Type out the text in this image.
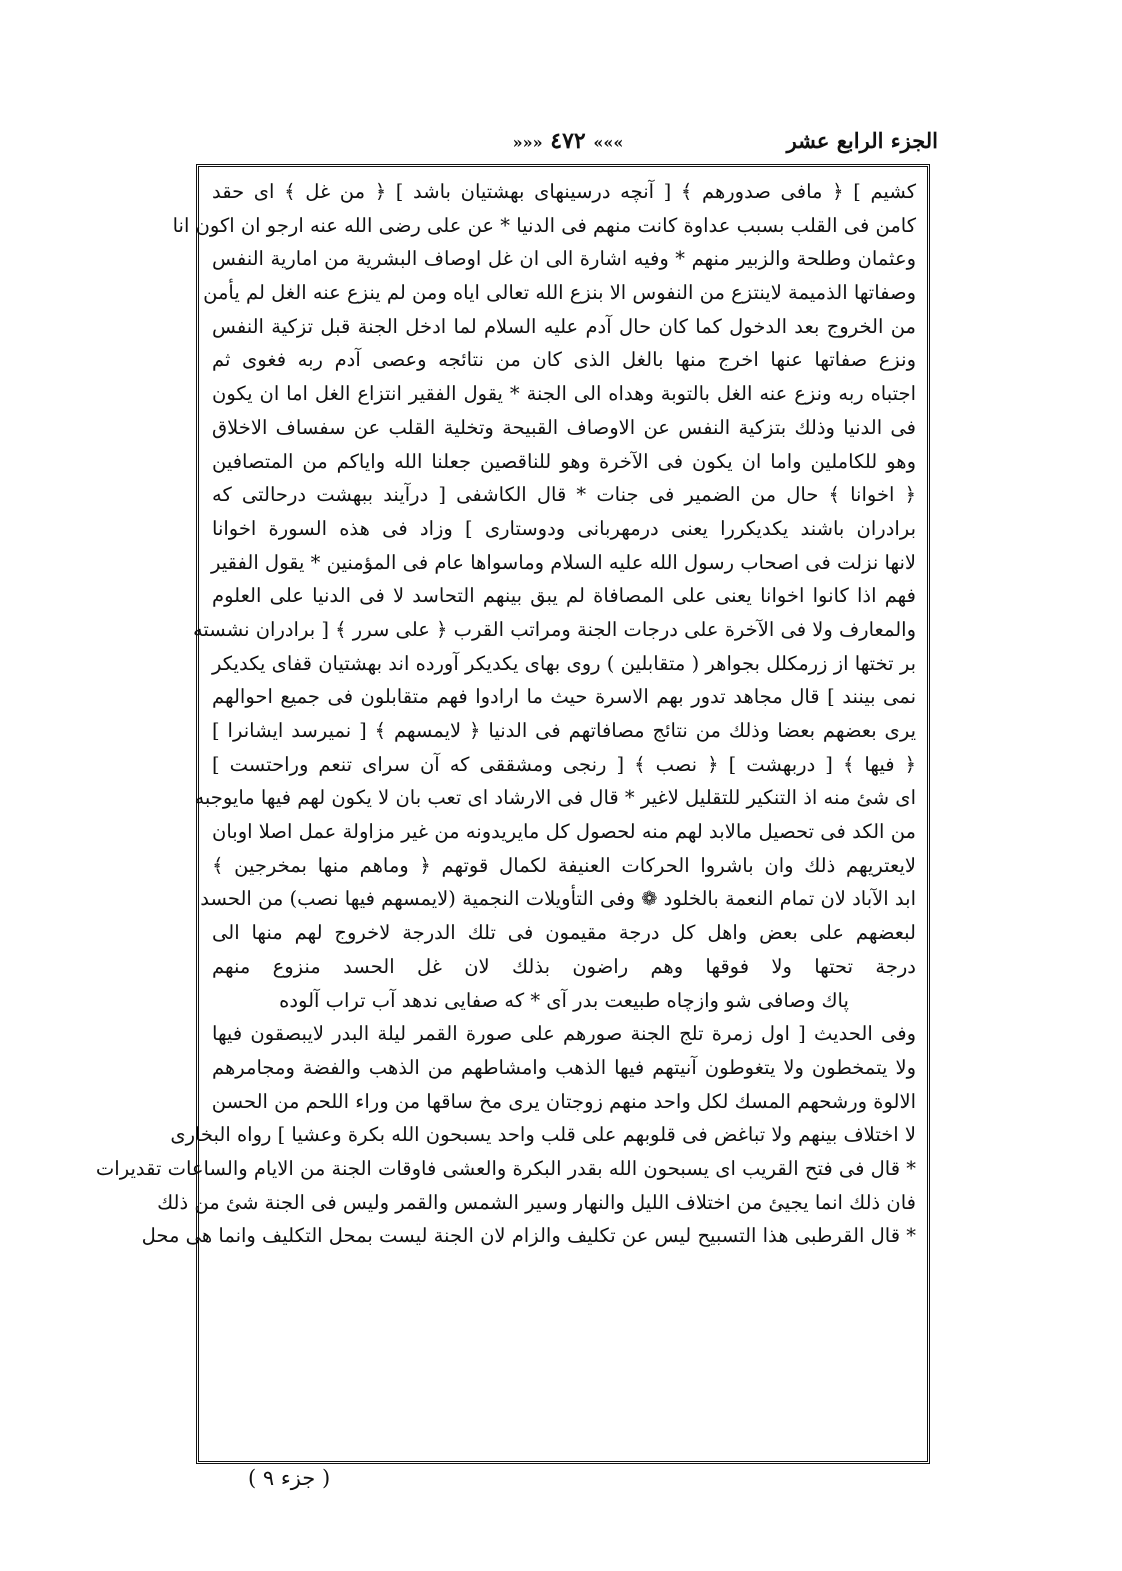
الجزء الرابع عشر
»»» ٤٧٢ «««
كشيم ] ﴿ مافى صدورهم ﴾ [ آنچه درسينهاى بهشتيان باشد ] ﴿ من غل ﴾ اى حقد
كامن فى القلب بسبب عداوة كانت منهم فى الدنيا * عن على رضى الله عنه ارجو ان اكون انا
وعثمان وطلحة والزبير منهم * وفيه اشارة الى ان غل اوصاف البشرية من امارية النفس
وصفاتها الذميمة لاينتزع من النفوس الا بنزع الله تعالى اياه ومن لم ينزع عنه الغل لم يأمن
من الخروج بعد الدخول كما كان حال آدم عليه السلام لما ادخل الجنة قبل تزكية النفس
ونزع صفاتها عنها اخرج منها بالغل الذى كان من نتائجه وعصى آدم ربه فغوى ثم
اجتباه ربه ونزع عنه الغل بالتوبة وهداه الى الجنة * يقول الفقير انتزاع الغل اما ان يكون
فى الدنيا وذلك بتزكية النفس عن الاوصاف القبيحة وتخلية القلب عن سفساف الاخلاق
وهو للكاملين واما ان يكون فى الآخرة وهو للناقصين جعلنا الله واياكم من المتصافين
﴿ اخوانا ﴾ حال من الضمير فى جنات * قال الكاشفى [ درآيند ببهشت درحالتى كه
برادران باشند يكديكررا يعنى درمهربانى ودوستارى ] وزاد فى هذه السورة اخوانا
لانها نزلت فى اصحاب رسول الله عليه السلام وماسواها عام فى المؤمنين * يقول الفقير
فهم اذا كانوا اخوانا يعنى على المصافاة لم يبق بينهم التحاسد لا فى الدنيا على العلوم
والمعارف ولا فى الآخرة على درجات الجنة ومراتب القرب ﴿ على سرر ﴾ [ برادران نشسته
بر تختها از زرمكلل بجواهر ( متقابلين ) روى بهاى يكديكر آورده اند بهشتيان قفاى يكديكر
نمى بينند ] قال مجاهد تدور بهم الاسرة حيث ما ارادوا فهم متقابلون فى جميع احوالهم
يرى بعضهم بعضا وذلك من نتائج مصافاتهم فى الدنيا ﴿ لايمسهم ﴾ [ نميرسد ايشانرا ]
﴿ فيها ﴾ [ دربهشت ] ﴿ نصب ﴾ [ رنجى ومشققى كه آن سراى تنعم وراحتست ]
اى شئ منه اذ التنكير للتقليل لاغير * قال فى الارشاد اى تعب بان لا يكون لهم فيها مايوجبه
من الكد فى تحصيل مالابد لهم منه لحصول كل مايريدونه من غير مزاولة عمل اصلا اوبان
لايعتريهم ذلك وان باشروا الحركات العنيفة لكمال قوتهم ﴿ وماهم منها بمخرجين ﴾
ابد الآباد لان تمام النعمة بالخلود ❁ وفى التأويلات النجمية (لايمسهم فيها نصب) من الحسد
لبعضهم على بعض واهل كل درجة مقيمون فى تلك الدرجة لاخروج لهم منها الى
درجة تحتها ولا فوقها وهم راضون بذلك لان غل الحسد منزوع منهم
پاك وصافى شو وازچاه طبيعت بدر آى * كه صفايى ندهد آب تراب آلوده
وفى الحديث [ اول زمرة تلج الجنة صورهم على صورة القمر ليلة البدر لايبصقون فيها
ولا يتمخطون ولا يتغوطون آنيتهم فيها الذهب وامشاطهم من الذهب والفضة ومجامرهم
الالوة ورشحهم المسك لكل واحد منهم زوجتان يرى مخ ساقها من وراء اللحم من الحسن
لا اختلاف بينهم ولا تباغض فى قلوبهم على قلب واحد يسبحون الله بكرة وعشيا ] رواه البخارى
* قال فى فتح القريب اى يسبحون الله بقدر البكرة والعشى فاوقات الجنة من الايام والساعات تقديرات
فان ذلك انما يجيئ من اختلاف الليل والنهار وسير الشمس والقمر وليس فى الجنة شئ من ذلك
* قال القرطبى هذا التسبيح ليس عن تكليف والزام لان الجنة ليست بمحل التكليف وانما هى محل
( جزء ٩ )
